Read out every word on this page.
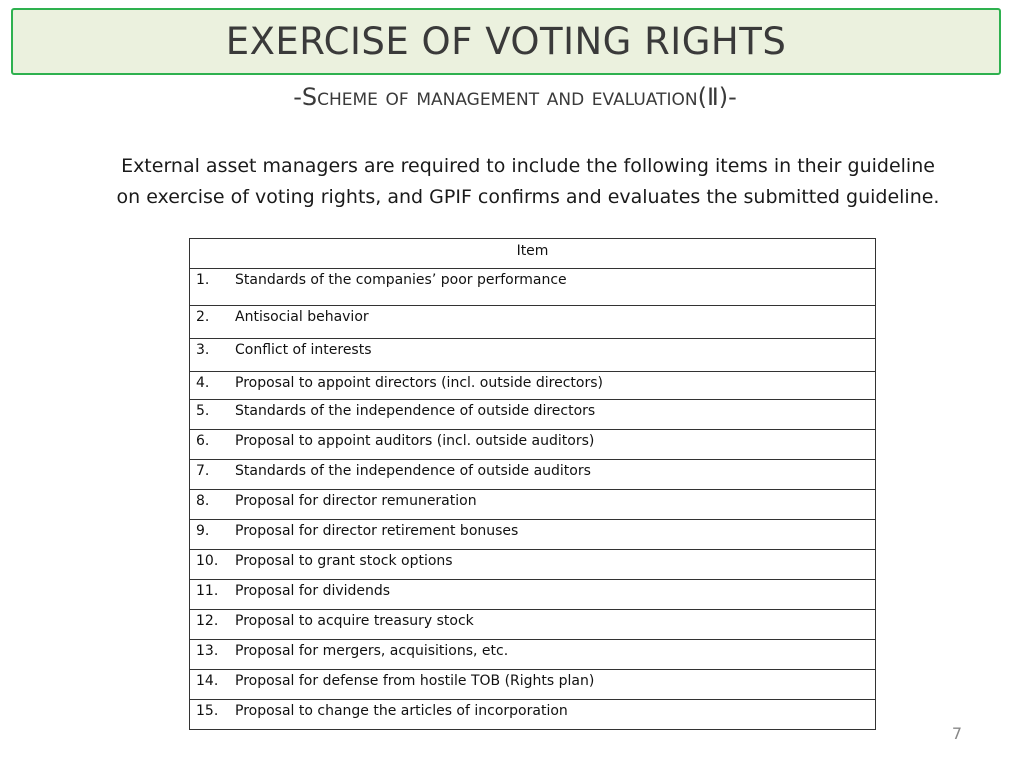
EXERCISE OF VOTING RIGHTS
-Scheme of management and evaluation(Ⅱ)-
External asset managers are required to include the following items in their guideline
on exercise of voting rights, and GPIF confirms and evaluates the submitted guideline.
Item

1.	Standards of the companies’ poor performance

2.	Antisocial behavior

3.	Conflict of interests

4.	Proposal to appoint directors (incl. outside directors)

5.	Standards of the independence of outside directors

6.	Proposal to appoint auditors (incl. outside auditors)

7.	Standards of the independence of outside auditors

8.	Proposal for director remuneration

9.	Proposal for director retirement bonuses

10.	Proposal to grant stock options

11.	Proposal for dividends

12.	Proposal to acquire treasury stock

13.	Proposal for mergers, acquisitions, etc.

14.	Proposal for defense from hostile TOB (Rights plan)

15.	Proposal to change the articles of incorporation
7
